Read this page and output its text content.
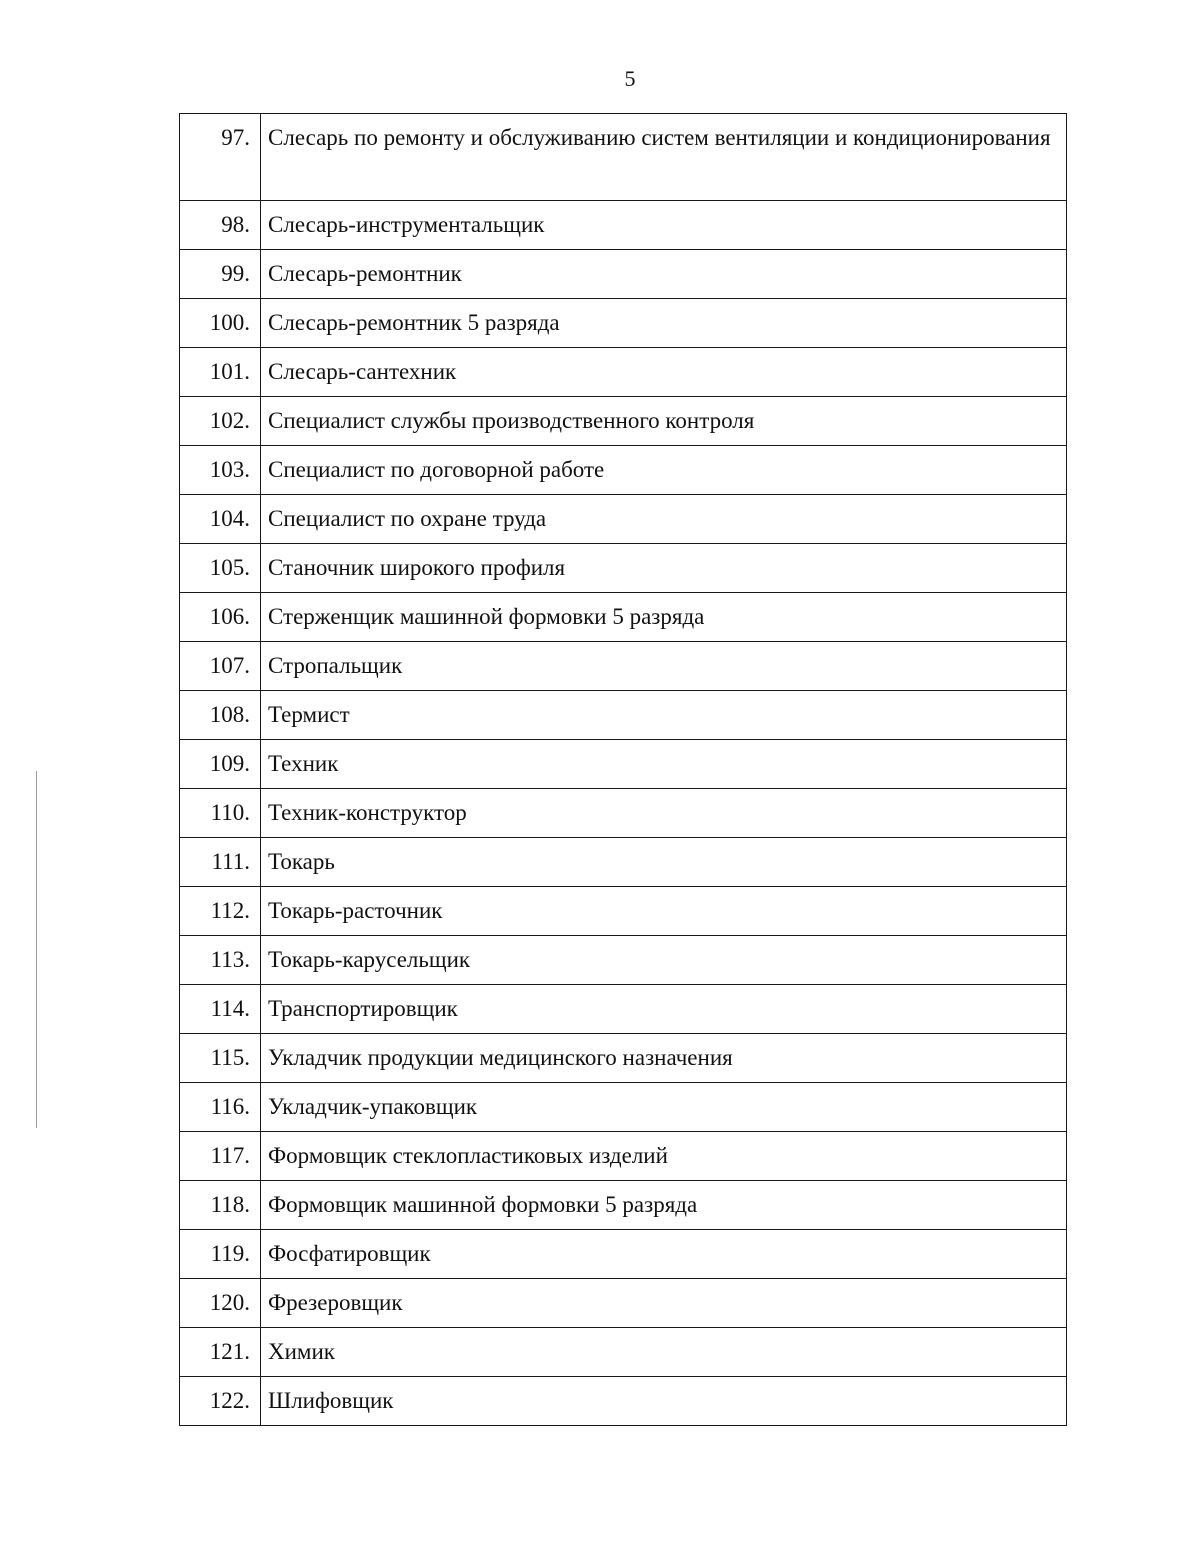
5
97.	Слесарь по ремонту и обслуживанию систем вентиляции и кондиционирования
98.	Слесарь-инструментальщик
99.	Слесарь-ремонтник
100.	Слесарь-ремонтник 5 разряда
101.	Слесарь-сантехник
102.	Специалист службы производственного контроля
103.	Специалист по договорной работе
104.	Специалист по охране труда
105.	Станочник широкого профиля
106.	Стерженщик машинной формовки 5 разряда
107.	Стропальщик
108.	Термист
109.	Техник
110.	Техник-конструктор
111.	Токарь
112.	Токарь-расточник
113.	Токарь-карусельщик
114.	Транспортировщик
115.	Укладчик продукции медицинского назначения
116.	Укладчик-упаковщик
117.	Формовщик стеклопластиковых изделий
118.	Формовщик машинной формовки 5 разряда
119.	Фосфатировщик
120.	Фрезеровщик
121.	Химик
122.	Шлифовщик
